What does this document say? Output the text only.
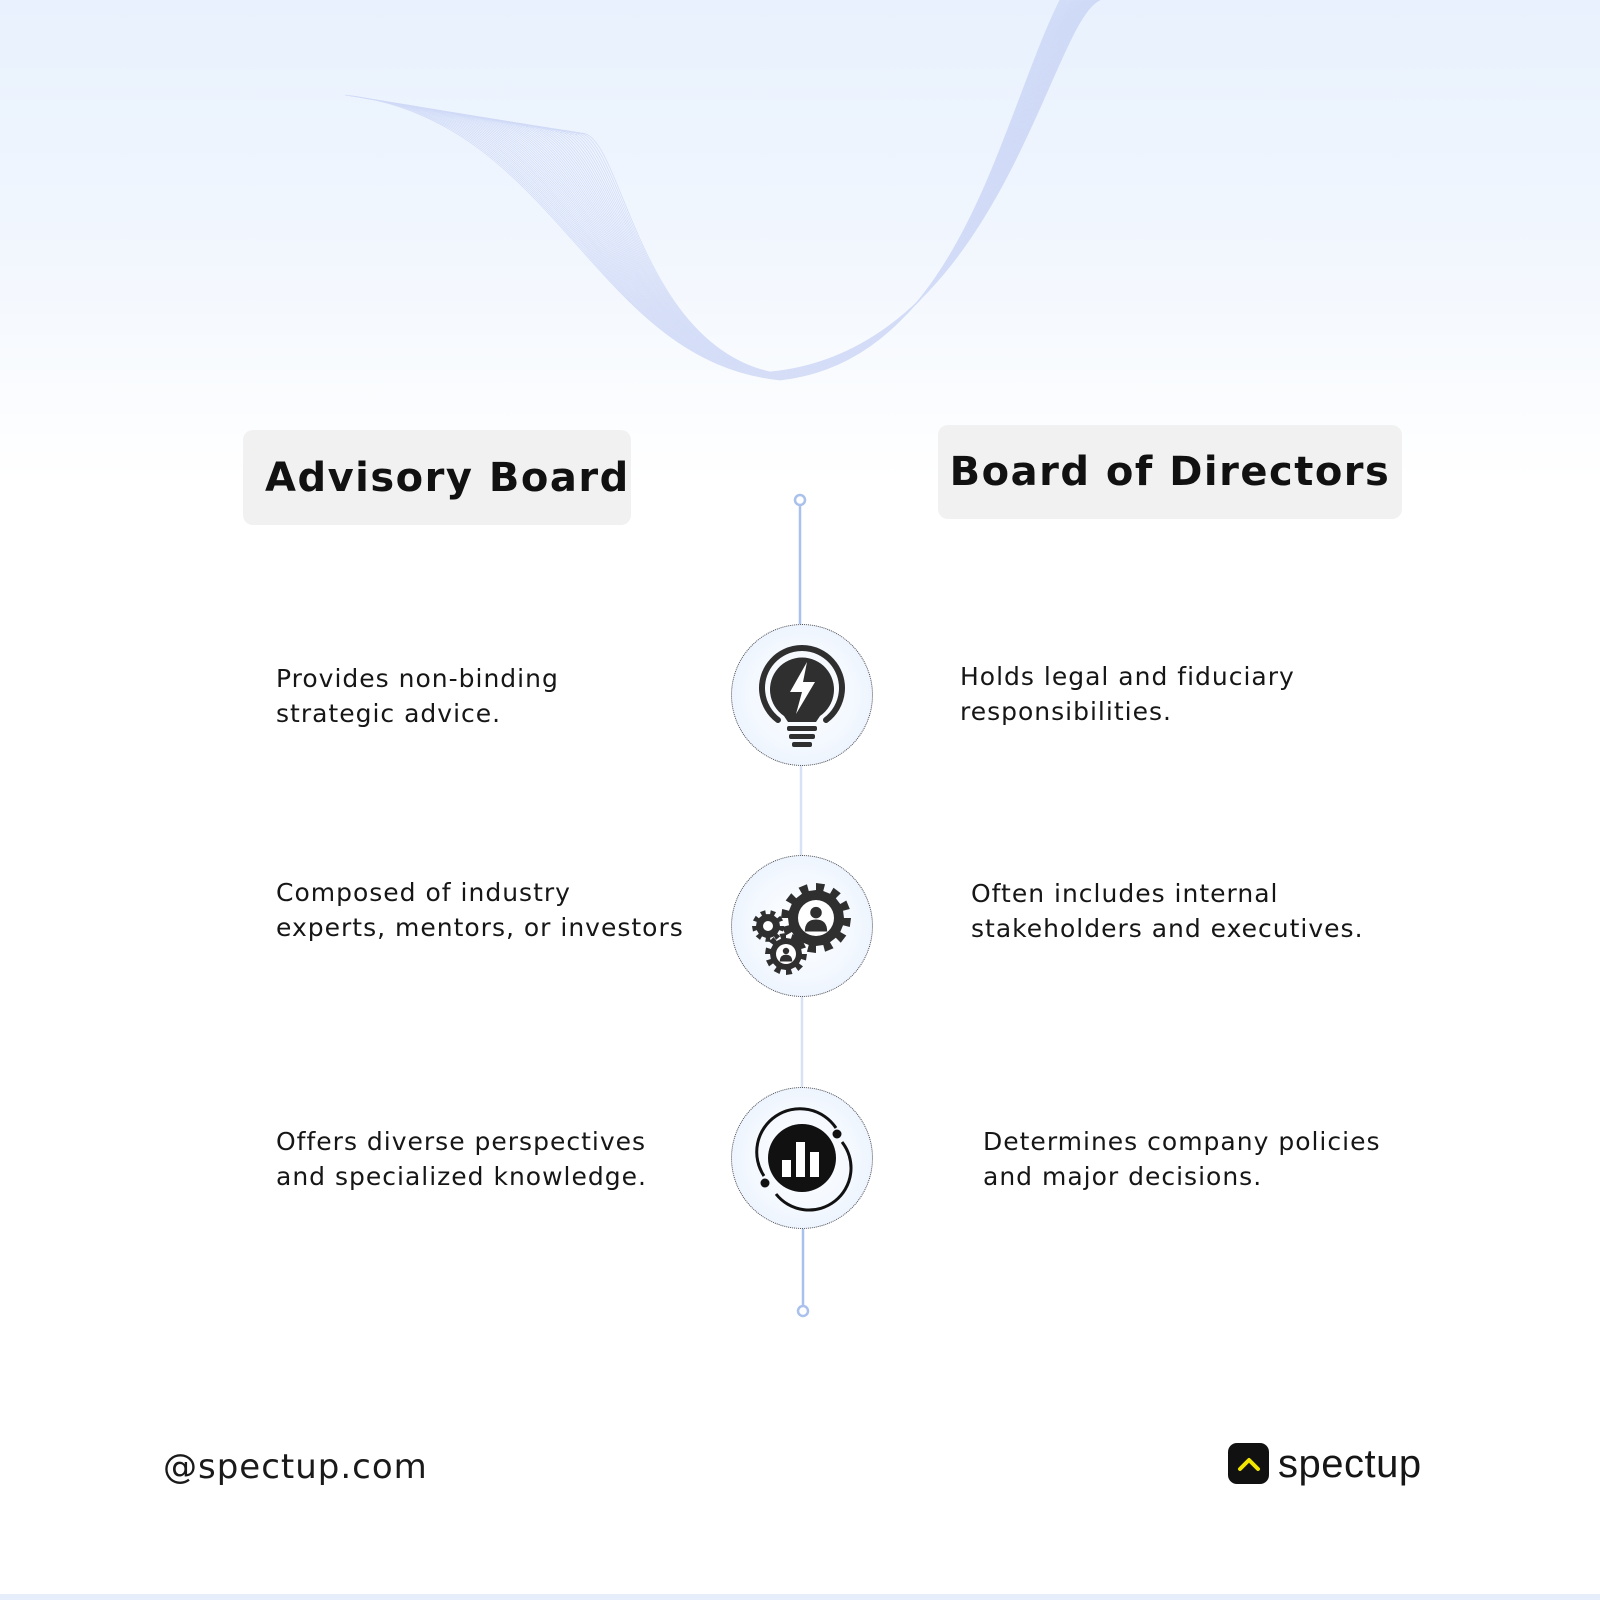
Advisory Board	Board of Directors
Provides non-binding
strategic advice.
Holds legal and fiduciary
responsibilities.
Composed of industry
experts, mentors, or investors
Often includes internal
stakeholders and executives.
Offers diverse perspectives
and specialized knowledge.
Determines company policies
and major decisions.
@spectup.com	spectup
